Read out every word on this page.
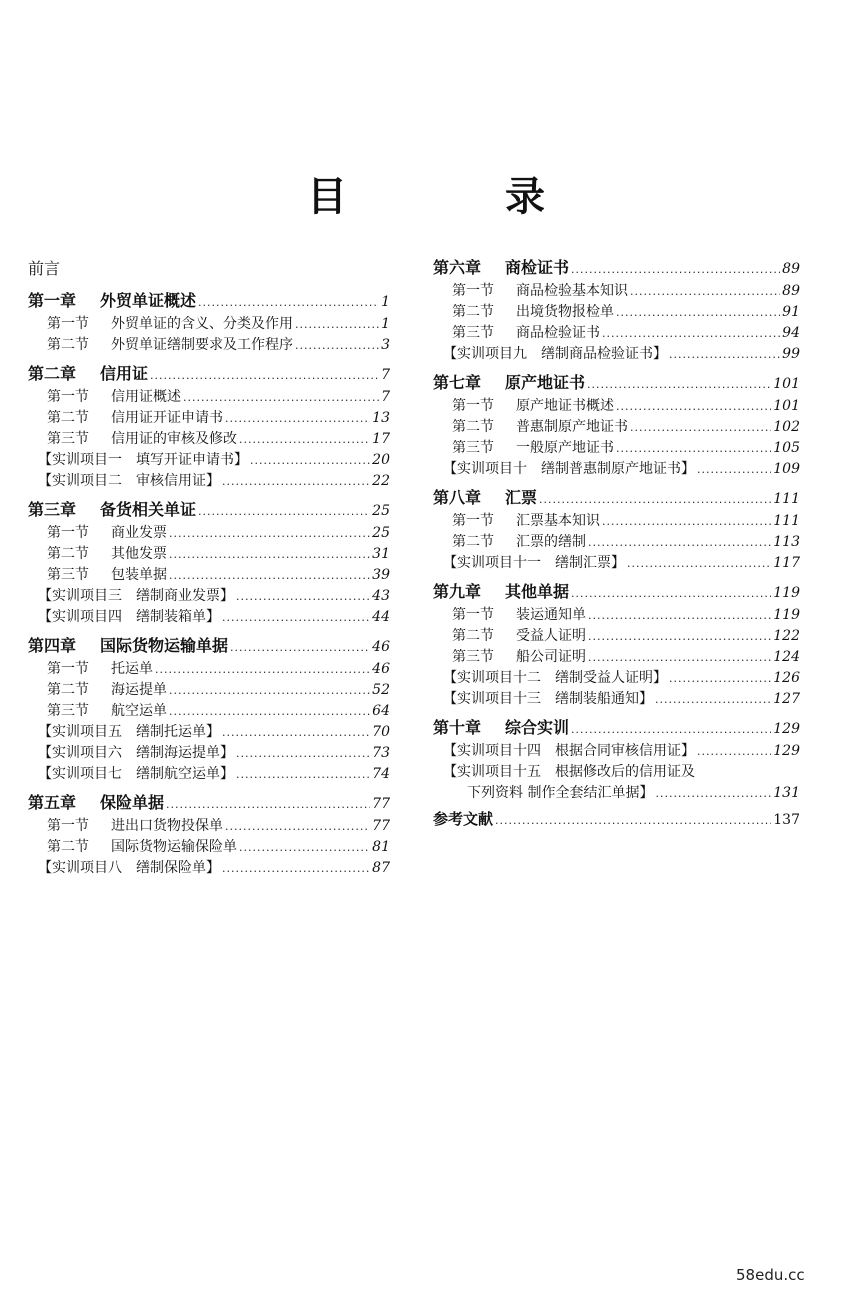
目 录
前言
第一章	外贸单证概述 .....	1
第一节	外贸单证的含义、分类及作用 .....	1
第二节	外贸单证缮制要求及工作程序 .....	3
第二章	信用证 .....	7
第一节	信用证概述 .....	7
第二节	信用证开证申请书 .....	13
第三节	信用证的审核及修改 .....	17
【实训项目一　填写开证申请书】 .....	20
【实训项目二　审核信用证】 .....	22
第三章	备货相关单证 .....	25
第一节	商业发票 .....	25
第二节	其他发票 .....	31
第三节	包装单据 .....	39
【实训项目三　缮制商业发票】 .....	43
【实训项目四　缮制装箱单】 .....	44
第四章	国际货物运输单据 .....	46
第一节	托运单 .....	46
第二节	海运提单 .....	52
第三节	航空运单 .....	64
【实训项目五　缮制托运单】 .....	70
【实训项目六　缮制海运提单】 .....	73
【实训项目七　缮制航空运单】 .....	74
第五章	保险单据 .....	77
第一节	进出口货物投保单 .....	77
第二节	国际货物运输保险单 .....	81
【实训项目八　缮制保险单】 .....	87
第六章	商检证书 .....	89
第一节	商品检验基本知识 .....	89
第二节	出境货物报检单 .....	91
第三节	商品检验证书 .....	94
【实训项目九　缮制商品检验证书】 .....	99
第七章	原产地证书 .....	101
第一节	原产地证书概述 .....	101
第二节	普惠制原产地证书 .....	102
第三节	一般原产地证书 .....	105
【实训项目十　缮制普惠制原产地证书】 .....	109
第八章	汇票 .....	111
第一节	汇票基本知识 .....	111
第二节	汇票的缮制 .....	113
【实训项目十一　缮制汇票】 .....	117
第九章	其他单据 .....	119
第一节	装运通知单 .....	119
第二节	受益人证明 .....	122
第三节	船公司证明 .....	124
【实训项目十二　缮制受益人证明】 .....	126
【实训项目十三　缮制装船通知】 .....	127
第十章	综合实训 .....	129
【实训项目十四　根据合同审核信用证】 .....	129
【实训项目十五　根据修改后的信用证及
下列资料 制作全套结汇单据】 .....	131
参考文献 .....	137
58edu.cc
